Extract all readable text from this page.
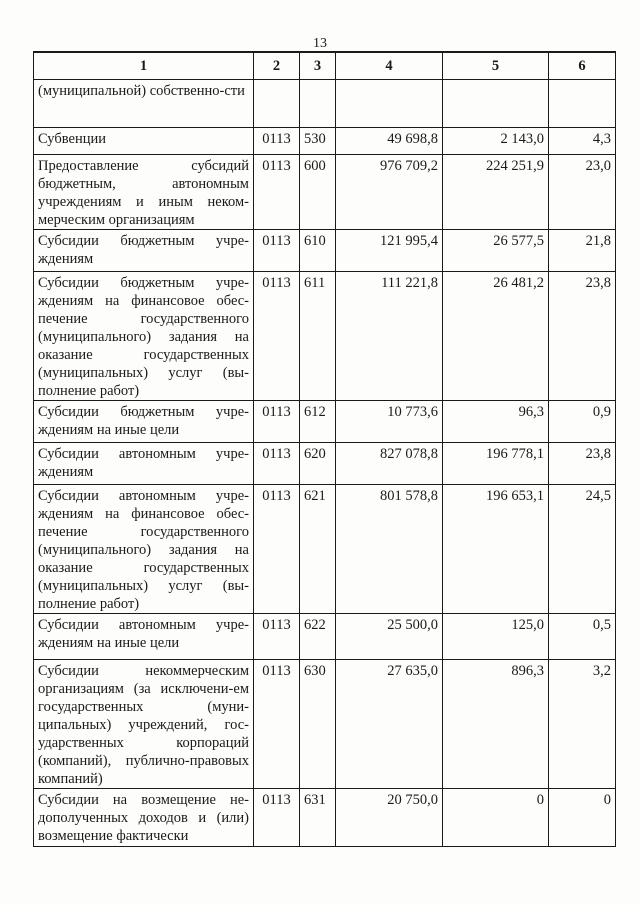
13
1	2	3	4	5	6
(муниципальной) собственно-сти					
Субвенции	0113	530	49 698,8	2 143,0	4,3
Предоставление субсидий бюджетным, автономным учреждениям и иным неком-мерческим организациям	0113	600	976 709,2	224 251,9	23,0
Субсидии бюджетным учре-ждениям	0113	610	121 995,4	26 577,5	21,8
Субсидии бюджетным учре-ждениям на финансовое обес-печение государственного (муниципального) задания на оказание государственных (муниципальных) услуг (вы-полнение работ)	0113	611	111 221,8	26 481,2	23,8
Субсидии бюджетным учре-ждениям на иные цели	0113	612	10 773,6	96,3	0,9
Субсидии автономным учре-ждениям	0113	620	827 078,8	196 778,1	23,8
Субсидии автономным учре-ждениям на финансовое обес-печение государственного (муниципального) задания на оказание государственных (муниципальных) услуг (вы-полнение работ)	0113	621	801 578,8	196 653,1	24,5
Субсидии автономным учре-ждениям на иные цели	0113	622	25 500,0	125,0	0,5
Субсидии некоммерческим организациям (за исключени-ем государственных (муни-ципальных) учреждений, гос-ударственных корпораций (компаний), публично-правовых компаний)	0113	630	27 635,0	896,3	3,2
Субсидии на возмещение не-дополученных доходов и (или) возмещение фактически	0113	631	20 750,0	0	0
